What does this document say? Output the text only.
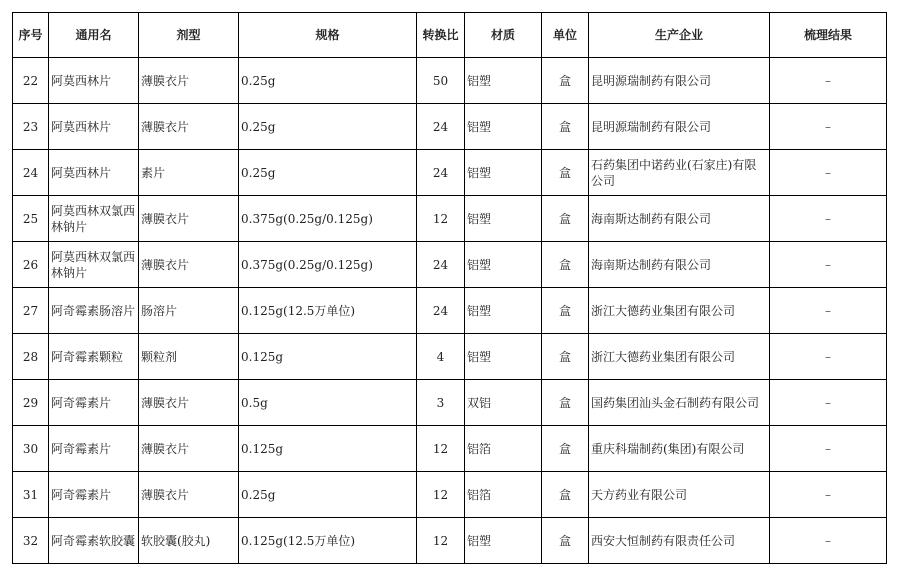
序号	通用名	剂型	规格	转换比	材质	单位	生产企业	梳理结果
22	阿莫西林片	薄膜衣片	0.25g	50	铝塑	盒	昆明源瑞制药有限公司	–
23	阿莫西林片	薄膜衣片	0.25g	24	铝塑	盒	昆明源瑞制药有限公司	–
24	阿莫西林片	素片	0.25g	24	铝塑	盒	石药集团中诺药业(石家庄)有限公司	–
25	阿莫西林双氯西林钠片	薄膜衣片	0.375g(0.25g/0.125g)	12	铝塑	盒	海南斯达制药有限公司	–
26	阿莫西林双氯西林钠片	薄膜衣片	0.375g(0.25g/0.125g)	24	铝塑	盒	海南斯达制药有限公司	–
27	阿奇霉素肠溶片	肠溶片	0.125g(12.5万单位)	24	铝塑	盒	浙江大德药业集团有限公司	–
28	阿奇霉素颗粒	颗粒剂	0.125g	4	铝塑	盒	浙江大德药业集团有限公司	–
29	阿奇霉素片	薄膜衣片	0.5g	3	双铝	盒	国药集团汕头金石制药有限公司	–
30	阿奇霉素片	薄膜衣片	0.125g	12	铝箔	盒	重庆科瑞制药(集团)有限公司	–
31	阿奇霉素片	薄膜衣片	0.25g	12	铝箔	盒	天方药业有限公司	–
32	阿奇霉素软胶囊	软胶囊(胶丸)	0.125g(12.5万单位)	12	铝塑	盒	西安大恒制药有限责任公司	–
